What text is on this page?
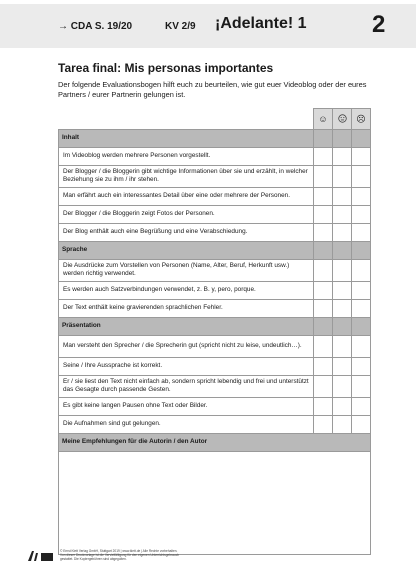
→ CDA S. 19/20	KV 2/9 ¡Adelante! 1	2
Tarea final: Mis personas importantes
Der folgende Evaluationsbogen hilft euch zu beurteilen, wie gut euer Videoblog oder der eures Partners / eurer Partnerin gelungen ist.
	☺		☹
Inhalt			
Im Videoblog werden mehrere Personen vorgestellt.			
Der Blogger / die Bloggerin gibt wichtige Informationen über sie und erzählt, in welcher Beziehung sie zu ihm / ihr stehen.			
Man erfährt auch ein interessantes Detail über eine oder mehrere der Personen.			
Der Blogger / die Bloggerin zeigt Fotos der Personen.			
Der Blog enthält auch eine Begrüßung und eine Verabschiedung.			
Sprache			
Die Ausdrücke zum Vorstellen von Personen (Name, Alter, Beruf, Herkunft usw.) werden richtig verwendet.			
Es werden auch Satzverbindungen verwendet, z. B. y, pero, porque.			
Der Text enthält keine gravierenden sprachlichen Fehler.			
Präsentation			
Man versteht den Sprecher / die Sprecherin gut (spricht nicht zu leise, undeutlich…).			
Seine / Ihre Aussprache ist korrekt.			
Er / sie liest den Text nicht einfach ab, sondern spricht lebendig und frei und unterstützt das Gesagte durch passende Gesten.			
Es gibt keine langen Pausen ohne Text oder Bilder.			
Die Aufnahmen sind gut gelungen.			
Meine Empfehlungen für die Autorin / den Autor			

© Ernst Klett Verlag GmbH, Stuttgart 2019 | www.klett.de | Alle Rechte vorbehalten. Von dieser Druckvorlage ist die Vervielfältigung für den eigenen Unterrichtsgebrauch gestattet. Die Kopiergebühren sind abgegolten.
